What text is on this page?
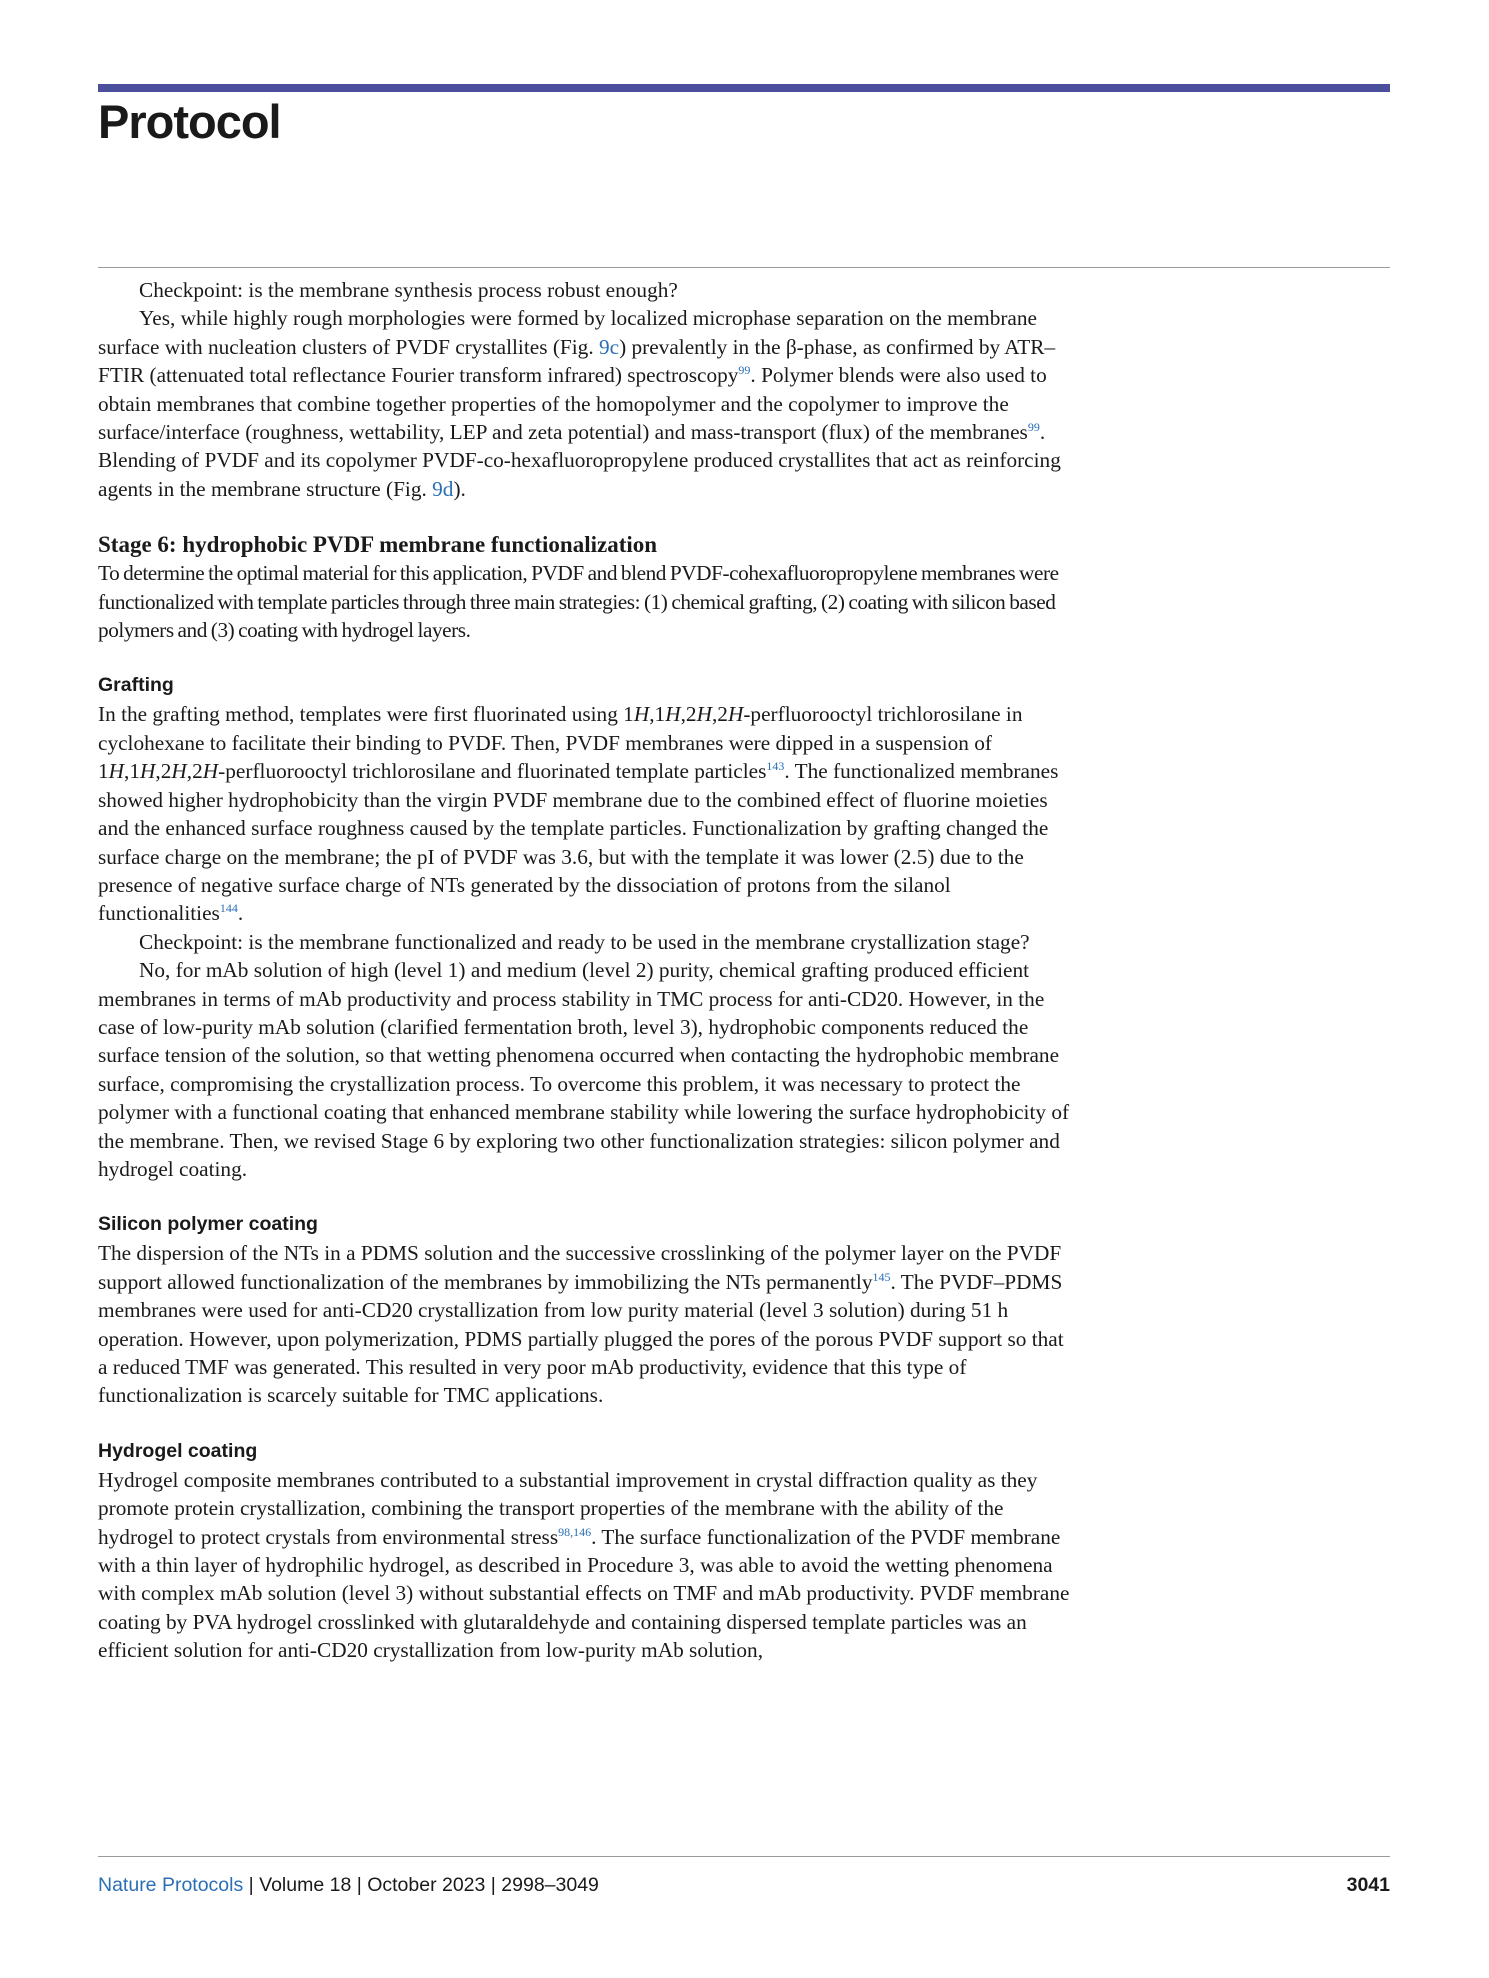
Protocol

Checkpoint: is the membrane synthesis process robust enough?

Yes, while highly rough morphologies were formed by localized microphase separation on the membrane surface with nucleation clusters of PVDF crystallites (Fig. 9c) prevalently in the β-phase, as confirmed by ATR–FTIR (attenuated total reflectance Fourier transform infrared) spectroscopy$^{99}$. Polymer blends were also used to obtain membranes that combine together properties of the homopolymer and the copolymer to improve the surface/interface (roughness, wettability, LEP and zeta potential) and mass-transport (flux) of the membranes$^{99}$. Blending of PVDF and its copolymer PVDF-co-hexafluoropropylene produced crystallites that act as reinforcing agents in the membrane structure (Fig. 9d).

Stage 6: hydrophobic PVDF membrane functionalization

To determine the optimal material for this application, PVDF and blend PVDF-cohexafluoropropylene membranes were functionalized with template particles through three main strategies: (1) chemical grafting, (2) coating with silicon based polymers and (3) coating with hydrogel layers.

Grafting

In the grafting method, templates were first fluorinated using 1H,1H,2H,2H-perfluorooctyl trichlorosilane in cyclohexane to facilitate their binding to PVDF. Then, PVDF membranes were dipped in a suspension of 1H,1H,2H,2H-perfluorooctyl trichlorosilane and fluorinated template particles$^{143}$. The functionalized membranes showed higher hydrophobicity than the virgin PVDF membrane due to the combined effect of fluorine moieties and the enhanced surface roughness caused by the template particles. Functionalization by grafting changed the surface charge on the membrane; the pI of PVDF was 3.6, but with the template it was lower (2.5) due to the presence of negative surface charge of NTs generated by the dissociation of protons from the silanol functionalities$^{144}$.

Checkpoint: is the membrane functionalized and ready to be used in the membrane crystallization stage?

No, for mAb solution of high (level 1) and medium (level 2) purity, chemical grafting produced efficient membranes in terms of mAb productivity and process stability in TMC process for anti-CD20. However, in the case of low-purity mAb solution (clarified fermentation broth, level 3), hydrophobic components reduced the surface tension of the solution, so that wetting phenomena occurred when contacting the hydrophobic membrane surface, compromising the crystallization process. To overcome this problem, it was necessary to protect the polymer with a functional coating that enhanced membrane stability while lowering the surface hydrophobicity of the membrane. Then, we revised Stage 6 by exploring two other functionalization strategies: silicon polymer and hydrogel coating.

Silicon polymer coating

The dispersion of the NTs in a PDMS solution and the successive crosslinking of the polymer layer on the PVDF support allowed functionalization of the membranes by immobilizing the NTs permanently$^{145}$. The PVDF–PDMS membranes were used for anti-CD20 crystallization from low purity material (level 3 solution) during 51 h operation. However, upon polymerization, PDMS partially plugged the pores of the porous PVDF support so that a reduced TMF was generated. This resulted in very poor mAb productivity, evidence that this type of functionalization is scarcely suitable for TMC applications.

Hydrogel coating

Hydrogel composite membranes contributed to a substantial improvement in crystal diffraction quality as they promote protein crystallization, combining the transport properties of the membrane with the ability of the hydrogel to protect crystals from environmental stress$^{98,146}$. The surface functionalization of the PVDF membrane with a thin layer of hydrophilic hydrogel, as described in Procedure 3, was able to avoid the wetting phenomena with complex mAb solution (level 3) without substantial effects on TMF and mAb productivity. PVDF membrane coating by PVA hydrogel crosslinked with glutaraldehyde and containing dispersed template particles was an efficient solution for anti-CD20 crystallization from low-purity mAb solution,

Nature Protocols | Volume 18 | October 2023 | 2998–3049	3041
